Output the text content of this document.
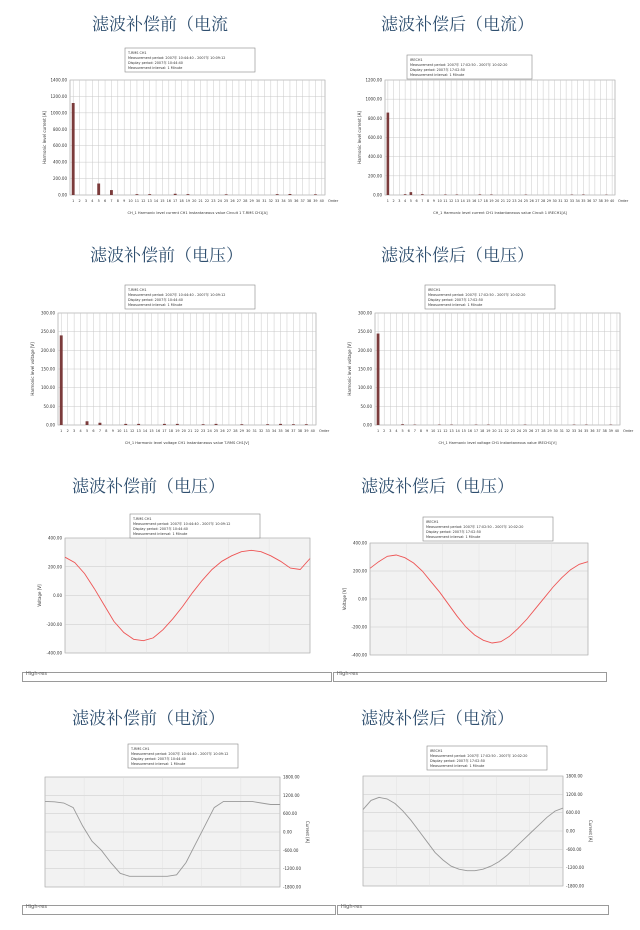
滤波补偿前（电流	滤波补偿后（电流）
滤波补偿前（电压）	滤波补偿后（电压）
滤波补偿前（电压）	滤波补偿后（电压）
滤波补偿前（电流）	滤波补偿后（电流）
1400.00
1200.00
1000.00
800.00
600.00
400.00
200.00
0.00
Harmonic level current [A]
1 2 3 4 5 6 7 8 9 10 11 12 13 14 15 16 17 18 19 20 21 22 23 24 25 26 27 28 29 30 31 32 33 34 35 36 37 38 39 40 Order
CH_1 Harmonic level current CH1 Instantaneous value Circuit 1 T-RMS CH1[A]
T-RMS CH1
Measurement period: 2007年 10:44:40 - 2007年 10:09:12
Display period: 2007年 10:44:40
Measurement interval: 1 Minute
1200.00
1000.00
800.00
600.00
400.00
200.00
0.00
Harmonic level current [A]
1 2 3 4 5 6 7 8 9 10 11 12 13 14 15 16 17 18 19 20 21 22 23 24 25 26 27 28 29 30 31 32 33 34 35 36 37 38 39 40 Order
CH_1 Harmonic level current CH1 Instantaneous value Circuit 1 IRECH1[A]
IRECH1
Measurement period: 2007年 17:02:50 - 2007年 10:02:20
Display period: 2007年 17:02:50
Measurement interval: 1 Minute
300.00
250.00
200.00
150.00
100.00
50.00
0.00
Harmonic level voltage [V]
1 2 3 4 5 6 7 8 9 10 11 12 13 14 15 16 17 18 19 20 21 22 23 24 25 26 27 28 29 30 31 32 33 34 35 36 37 38 39 40 Order
CH_1 Harmonic level voltage CH1 Instantaneous value T-RMS CH1[V]
T-RMS CH1
Measurement period: 2007年 10:44:40 - 2007年 10:09:12
Display period: 2007年 10:44:40
Measurement interval: 1 Minute
300.00
250.00
200.00
150.00
100.00
50.00
0.00
Harmonic level voltage [V]
1 2 3 4 5 6 7 8 9 10 11 12 13 14 15 16 17 18 19 20 21 22 23 24 25 26 27 28 29 30 31 32 33 34 35 36 37 38 39 40 Order
CH_1 Harmonic level voltage CH1 Instantaneous value IRECH1[V]
IRECH1
Measurement period: 2007年 17:02:50 - 2007年 10:02:20
Display period: 2007年 17:02:50
Measurement interval: 1 Minute
400.00
200.00
0.00
-200.00
-400.00
Voltage [V]
T-RMS CH1
Measurement period: 2007年 10:44:40 - 2007年 10:09:12
Display period: 2007年 10:44:40
Measurement interval: 1 Minute
400.00
200.00
0.00
-200.00
-400.00
Voltage [V]
IRECH1
Measurement period: 2007年 17:02:50 - 2007年 10:02:20
Display period: 2007年 17:02:50
Measurement interval: 1 Minute
1800.00
1200.00
600.00
0.00
-600.00
-1200.00
-1800.00
Current [A]
T-RMS CH1
Measurement period: 2007年 10:44:40 - 2007年 10:09:12
Display period: 2007年 10:44:40
Measurement interval: 1 Minute
1800.00
1200.00
600.00
0.00
-600.00
-1200.00
-1800.00
Current [A]
IRECH1
Measurement period: 2007年 17:02:50 - 2007年 10:02:20
Display period: 2007年 17:02:50
Measurement interval: 1 Minute
High-res	High-res
High-res	High-res
